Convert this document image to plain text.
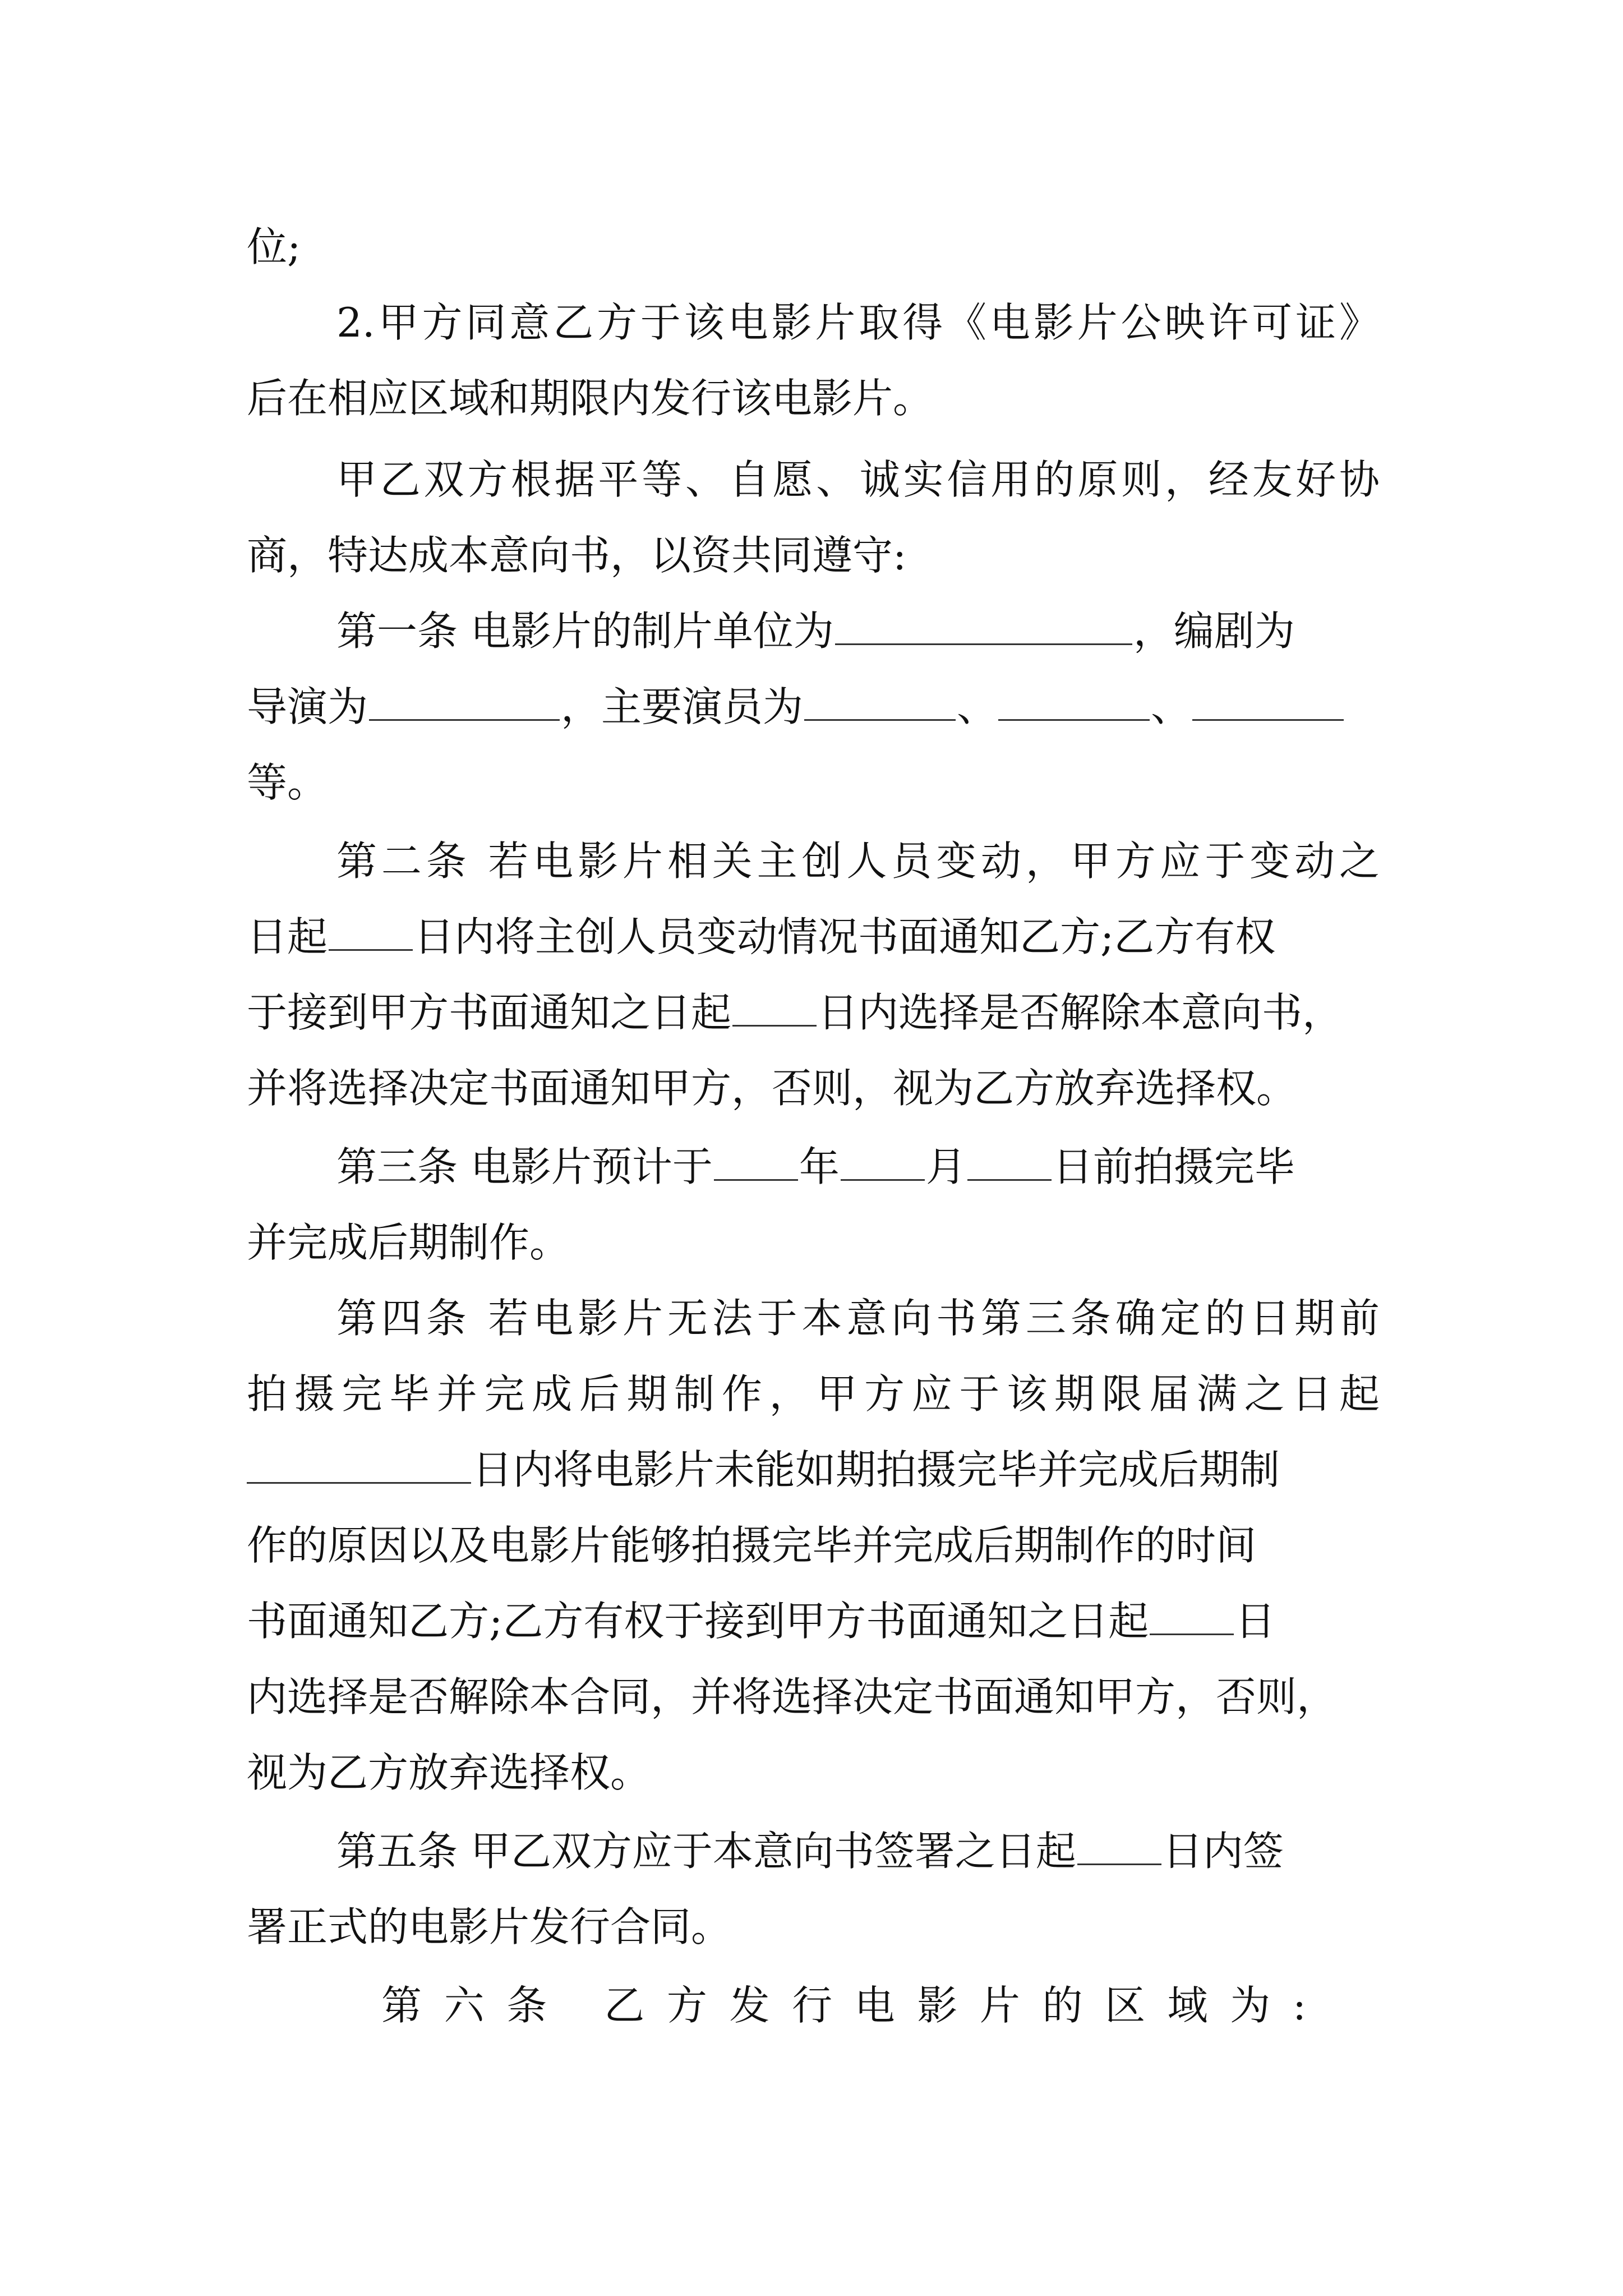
位;
2.甲方同意乙方于该电影片取得《电影片公映许可证》
后在相应区域和期限内发行该电影片。
甲乙双方根据平等、自愿、诚实信用的原则，经友好协
商，特达成本意向书，以资共同遵守:
第一条 电影片的制片单位为	，编剧为
导演为	，主要演员为	、	、
等。
第二条 若电影片相关主创人员变动，甲方应于变动之
日起 日内将主创人员变动情况书面通知乙方;乙方有权
于接到甲方书面通知之日起 日内选择是否解除本意向书，
并将选择决定书面通知甲方，否则，视为乙方放弃选择权。
第三条 电影片预计于 年 月 日前拍摄完毕
并完成后期制作。
第四条 若电影片无法于本意向书第三条确定的日期前
拍摄完毕并完成后期制作，甲方应于该期限届满之日起
日内将电影片未能如期拍摄完毕并完成后期制
作的原因以及电影片能够拍摄完毕并完成后期制作的时间
书面通知乙方;乙方有权于接到甲方书面通知之日起 日
内选择是否解除本合同，并将选择决定书面通知甲方，否则，
视为乙方放弃选择权。
第五条 甲乙双方应于本意向书签署之日起 日内签
署正式的电影片发行合同。
第六条 乙方发行电影片的区域为:
